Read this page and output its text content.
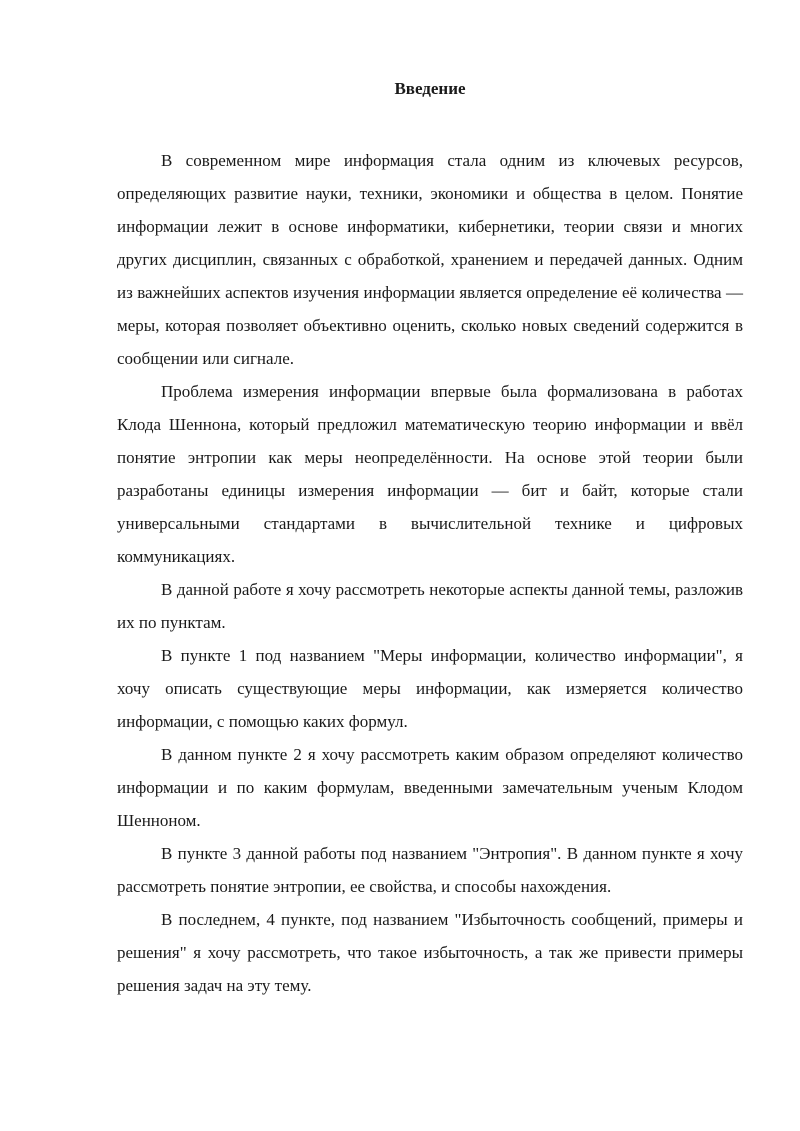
Введение

В современном мире информация стала одним из ключевых ресурсов, определяющих развитие науки, техники, экономики и общества в целом. Понятие информации лежит в основе информатики, кибернетики, теории связи и многих других дисциплин, связанных с обработкой, хранением и передачей данных. Одним из важнейших аспектов изучения информации является определение её количества — меры, которая позволяет объективно оценить, сколько новых сведений содержится в сообщении или сигнале.

Проблема измерения информации впервые была формализована в работах Клода Шеннона, который предложил математическую теорию информации и ввёл понятие энтропии как меры неопределённости. На основе этой теории были разработаны единицы измерения информации — бит и байт, которые стали универсальными стандартами в вычислительной технике и цифровых коммуникациях.

В данной работе я хочу рассмотреть некоторые аспекты данной темы, разложив их по пунктам.

В пункте 1 под названием "Меры информации, количество информации", я хочу описать существующие меры информации, как измеряется количество информации, с помощью каких формул.

В данном пункте 2 я хочу рассмотреть каким образом определяют количество информации и по каким формулам, введенными замечательным ученым Клодом Шенноном.

В пункте 3 данной работы под названием "Энтропия". В данном пункте я хочу рассмотреть понятие энтропии, ее свойства, и способы нахождения.

В последнем, 4 пункте, под названием "Избыточность сообщений, примеры и решения" я хочу рассмотреть, что такое избыточность, а так же привести примеры решения задач на эту тему.
